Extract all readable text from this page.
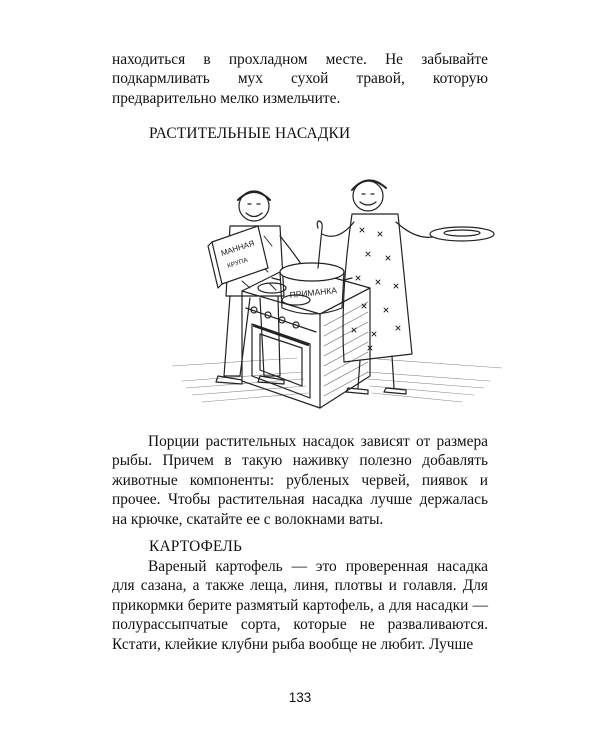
находиться в прохладном месте. Не забывайте подкармливать мух сухой травой, которую предварительно мелко измельчите.

РАСТИТЕЛЬНЫЕ НАСАДКИ
МАННАЯ
КРУПА
ПРИМАНКА

Порции растительных насадок зависят от размера рыбы. Причем в такую наживку полезно добавлять животные компоненты: рубленых червей, пиявок и прочее. Чтобы растительная насадка лучше держалась на крючке, скатайте ее с волокнами ваты.

КАРТОФЕЛЬ

Вареный картофель — это проверенная насадка для сазана, а также леща, линя, плотвы и голавля. Для прикормки берите размятый картофель, а для насадки — полурассыпчатые сорта, которые не разваливаются. Кстати, клейкие клубни рыба вообще не любит. Лучше

133
